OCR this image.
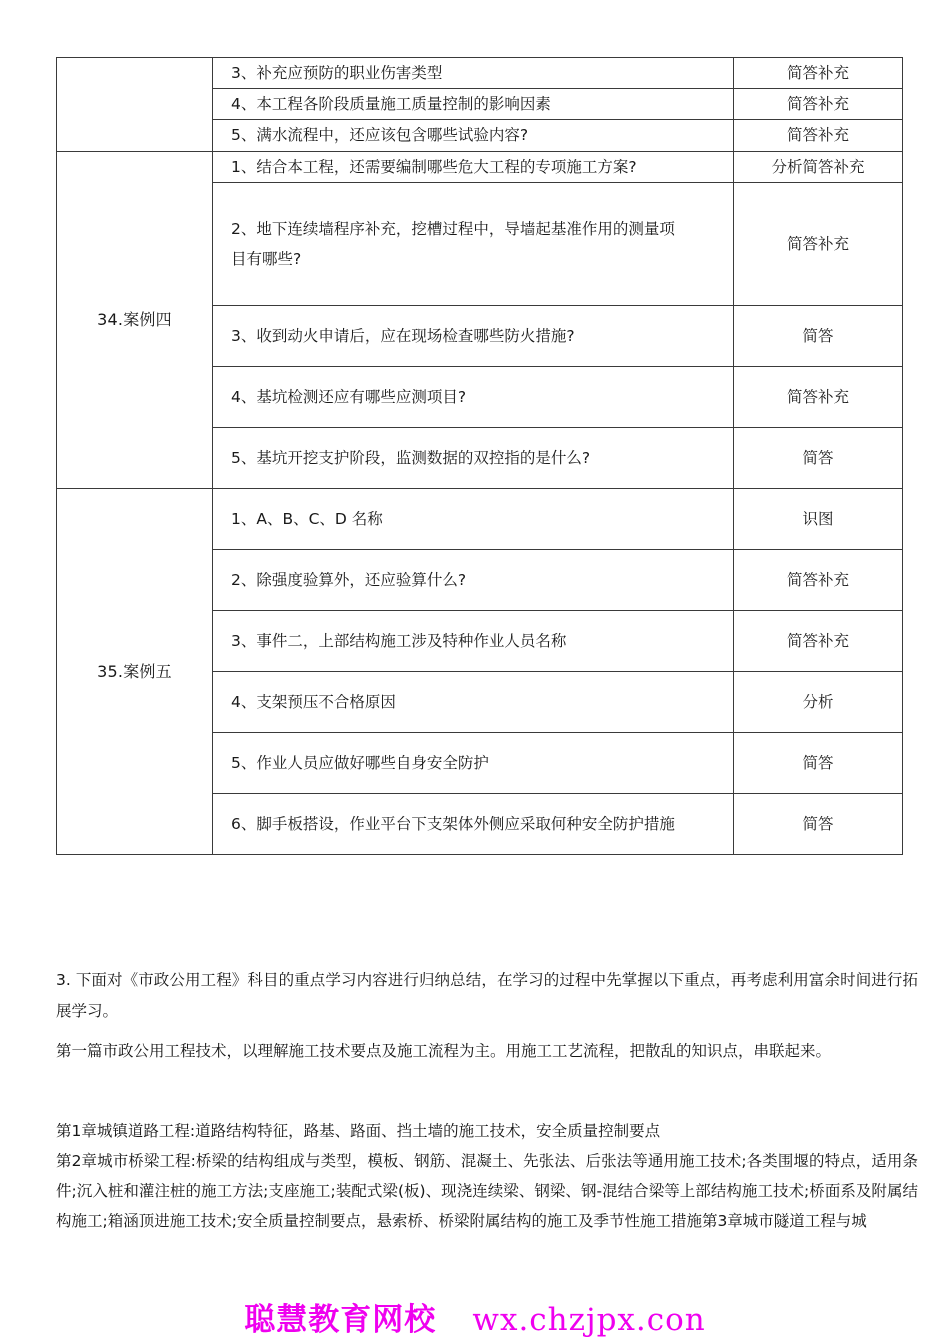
	3、补充应预防的职业伤害类型	简答补充
	4、本工程各阶段质量施工质量控制的影响因素	简答补充
	5、满水流程中，还应该包含哪些试验内容?	简答补充
34.案例四	1、结合本工程，还需要编制哪些危大工程的专项施工方案?	分析简答补充
	2、地下连续墙程序补充，挖槽过程中，导墙起基准作用的测量项
目有哪些?	简答补充
	3、收到动火申请后，应在现场检查哪些防火措施?	简答
	4、基坑检测还应有哪些应测项目?	简答补充
	5、基坑开挖支护阶段，监测数据的双控指的是什么?	简答
35.案例五	1、A、B、C、D 名称	识图
	2、除强度验算外，还应验算什么?	简答补充
	3、事件二，上部结构施工涉及特种作业人员名称	简答补充
	4、支架预压不合格原因	分析
	5、作业人员应做好哪些自身安全防护	简答
	6、脚手板搭设，作业平台下支架体外侧应采取何种安全防护措施	简答

3. 下面对《市政公用工程》科目的重点学习内容进行归纳总结，在学习的过程中先掌握以下重点，再考虑利用富余时间进行拓展学习。

第一篇市政公用工程技术，以理解施工技术要点及施工流程为主。用施工工艺流程，把散乱的知识点，串联起来。

第1章城镇道路工程:道路结构特征，路基、路面、挡土墙的施工技术，安全质量控制要点

第2章城市桥梁工程:桥梁的结构组成与类型，模板、钢筋、混凝土、先张法、后张法等通用施工技术;各类围堰的特点，适用条件;沉入桩和灌注桩的施工方法;支座施工;装配式梁(板)、现浇连续梁、钢梁、钢-混结合梁等上部结构施工技术;桥面系及附属结构施工;箱涵顶进施工技术;安全质量控制要点，悬索桥、桥梁附属结构的施工及季节性施工措施第3章城市隧道工程与城

聪慧教育网校 wx.chzjpx.con
